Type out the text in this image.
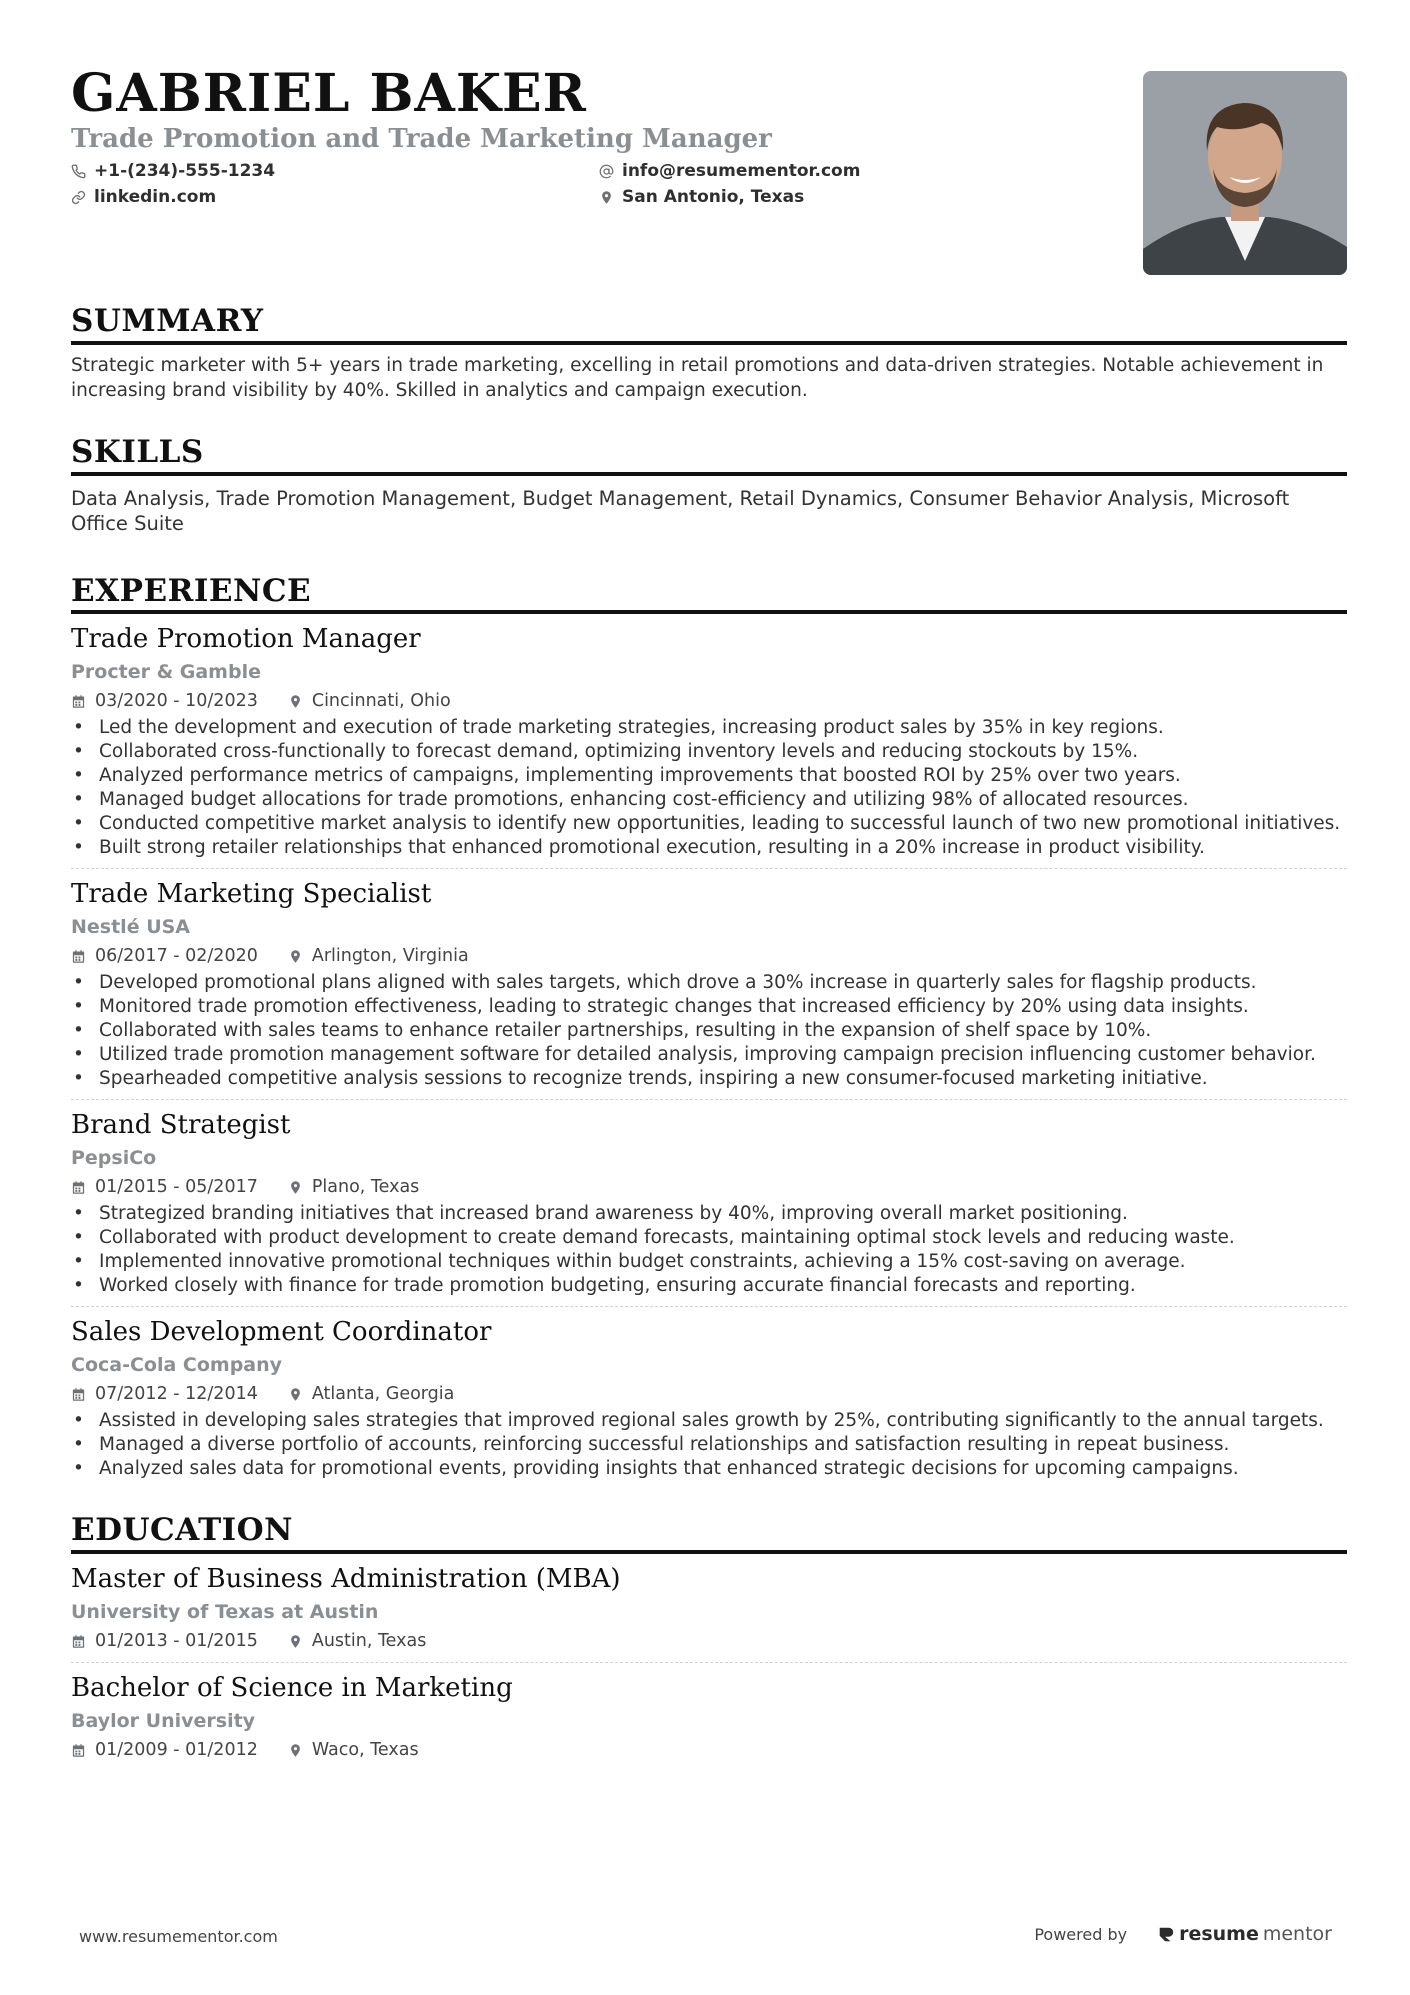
GABRIEL BAKER
Trade Promotion and Trade Marketing Manager
+1-(234)-555-1234	info@resumementor.com
linkedin.com	San Antonio, Texas
SUMMARY
Strategic marketer with 5+ years in trade marketing, excelling in retail promotions and data-driven strategies. Notable achievement in increasing brand visibility by 40%. Skilled in analytics and campaign execution.
SKILLS
Data Analysis, Trade Promotion Management, Budget Management, Retail Dynamics, Consumer Behavior Analysis, Microsoft Office Suite
EXPERIENCE
Trade Promotion Manager
Procter & Gamble
03/2020 - 10/2023	Cincinnati, Ohio
• Led the development and execution of trade marketing strategies, increasing product sales by 35% in key regions.
• Collaborated cross-functionally to forecast demand, optimizing inventory levels and reducing stockouts by 15%.
• Analyzed performance metrics of campaigns, implementing improvements that boosted ROI by 25% over two years.
• Managed budget allocations for trade promotions, enhancing cost-efficiency and utilizing 98% of allocated resources.
• Conducted competitive market analysis to identify new opportunities, leading to successful launch of two new promotional initiatives.
• Built strong retailer relationships that enhanced promotional execution, resulting in a 20% increase in product visibility.
Trade Marketing Specialist
Nestlé USA
06/2017 - 02/2020	Arlington, Virginia
• Developed promotional plans aligned with sales targets, which drove a 30% increase in quarterly sales for flagship products.
• Monitored trade promotion effectiveness, leading to strategic changes that increased efficiency by 20% using data insights.
• Collaborated with sales teams to enhance retailer partnerships, resulting in the expansion of shelf space by 10%.
• Utilized trade promotion management software for detailed analysis, improving campaign precision influencing customer behavior.
• Spearheaded competitive analysis sessions to recognize trends, inspiring a new consumer-focused marketing initiative.
Brand Strategist
PepsiCo
01/2015 - 05/2017	Plano, Texas
• Strategized branding initiatives that increased brand awareness by 40%, improving overall market positioning.
• Collaborated with product development to create demand forecasts, maintaining optimal stock levels and reducing waste.
• Implemented innovative promotional techniques within budget constraints, achieving a 15% cost-saving on average.
• Worked closely with finance for trade promotion budgeting, ensuring accurate financial forecasts and reporting.
Sales Development Coordinator
Coca-Cola Company
07/2012 - 12/2014	Atlanta, Georgia
• Assisted in developing sales strategies that improved regional sales growth by 25%, contributing significantly to the annual targets.
• Managed a diverse portfolio of accounts, reinforcing successful relationships and satisfaction resulting in repeat business.
• Analyzed sales data for promotional events, providing insights that enhanced strategic decisions for upcoming campaigns.
EDUCATION
Master of Business Administration (MBA)
University of Texas at Austin
01/2013 - 01/2015	Austin, Texas
Bachelor of Science in Marketing
Baylor University
01/2009 - 01/2012	Waco, Texas
www.resumementor.com	Powered by	resume mentor
